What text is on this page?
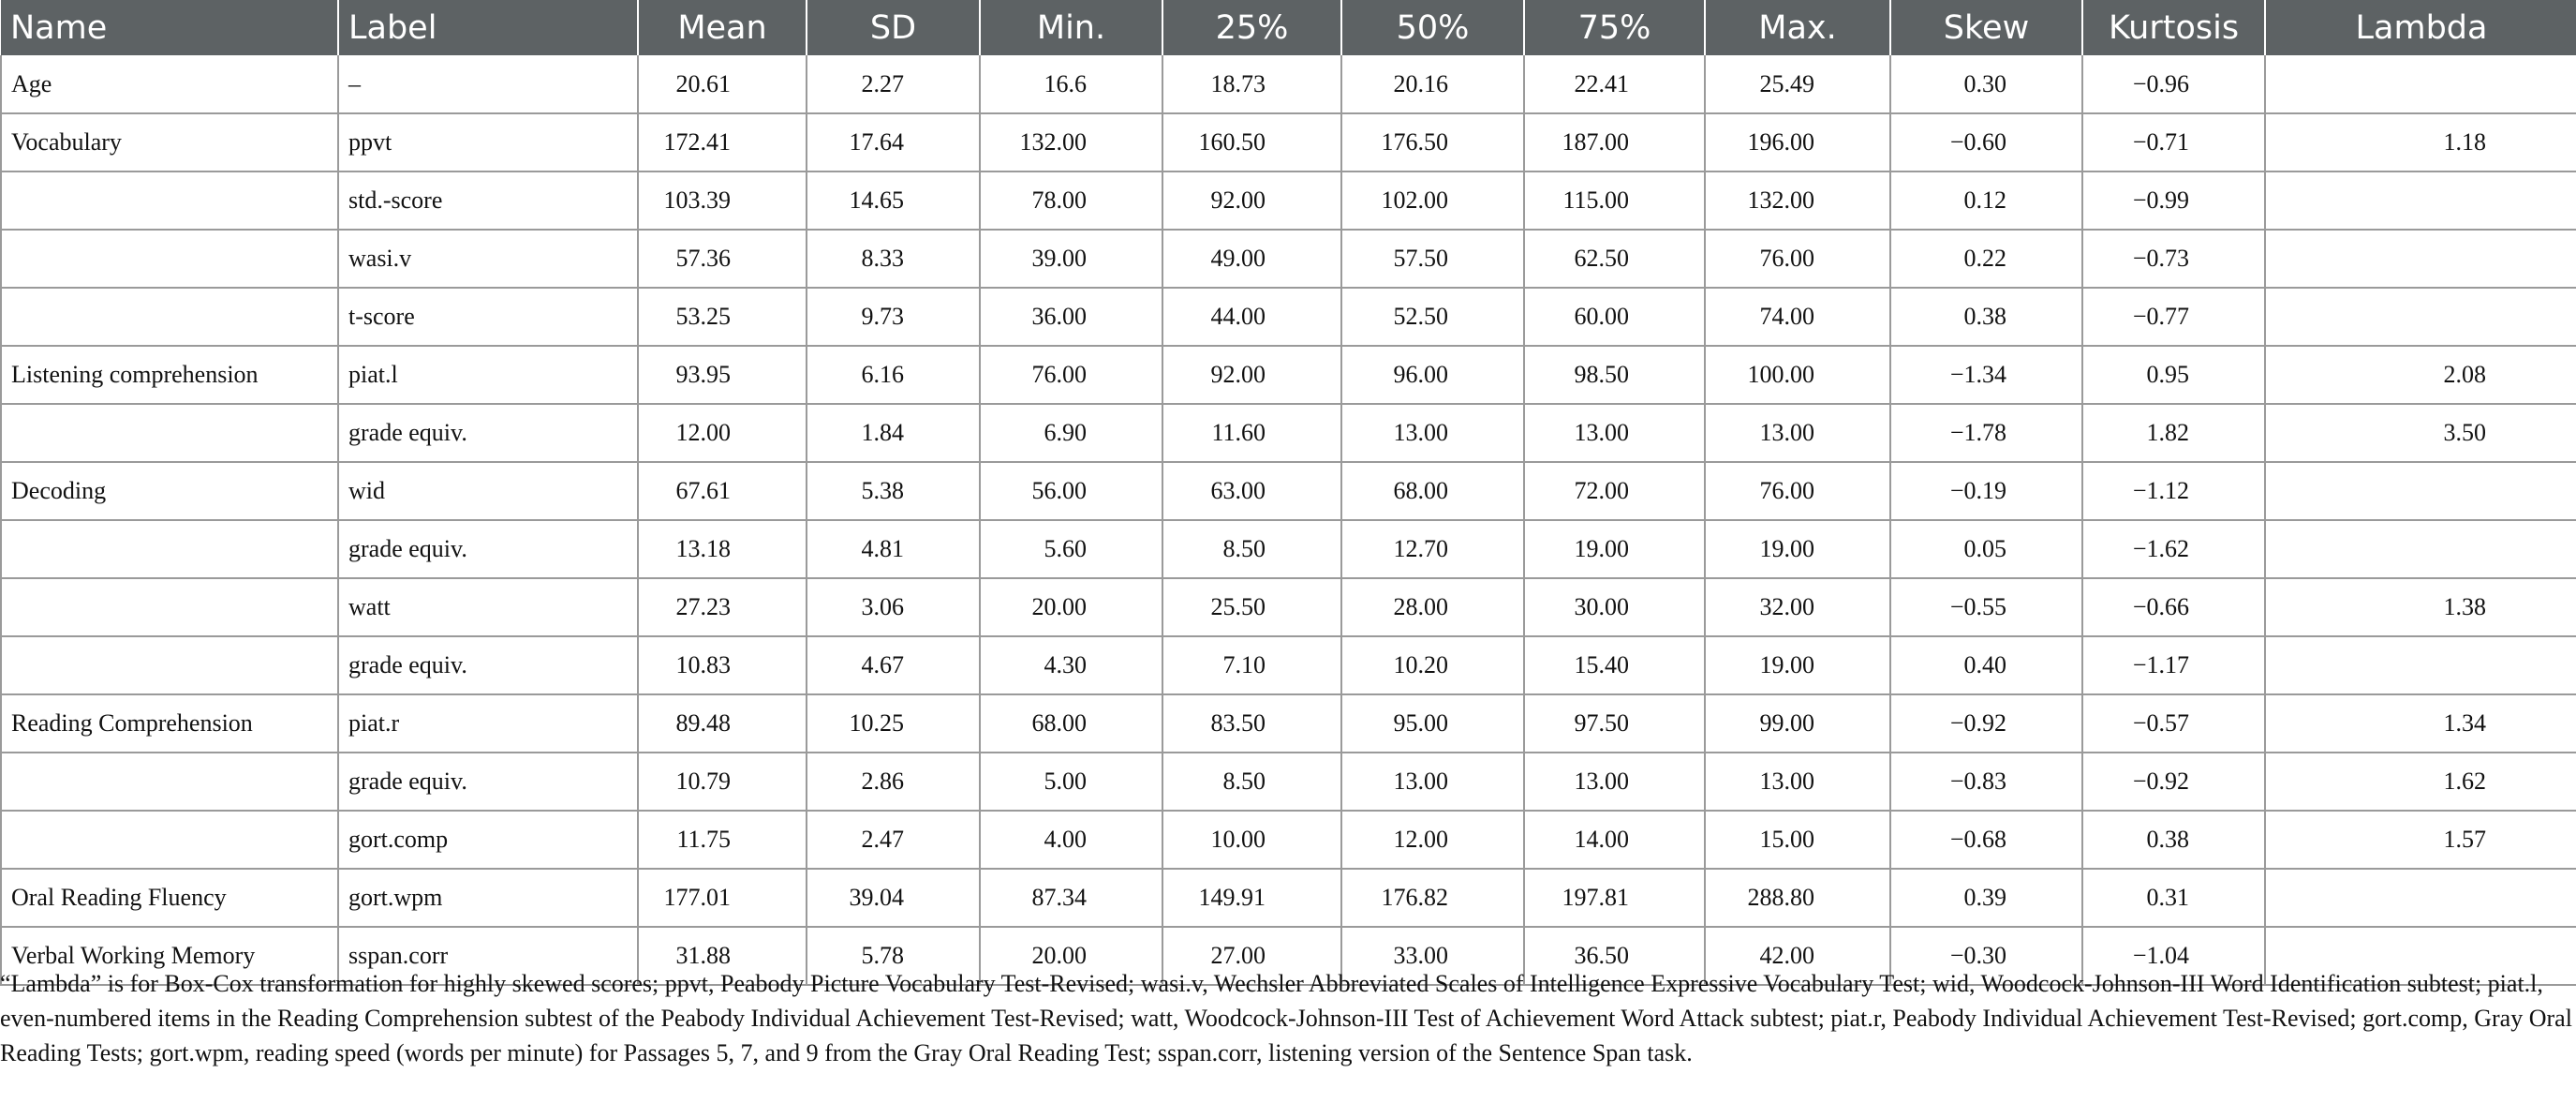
Name	Label	Mean	SD	Min.	25%	50%	75%	Max.	Skew	Kurtosis	Lambda
Age	–	20.61	2.27	16.6	18.73	20.16	22.41	25.49	0.30	−0.96	
Vocabulary	ppvt	172.41	17.64	132.00	160.50	176.50	187.00	196.00	−0.60	−0.71	1.18
	std.-score	103.39	14.65	78.00	92.00	102.00	115.00	132.00	0.12	−0.99	
	wasi.v	57.36	8.33	39.00	49.00	57.50	62.50	76.00	0.22	−0.73	
	t-score	53.25	9.73	36.00	44.00	52.50	60.00	74.00	0.38	−0.77	
Listening comprehension	piat.l	93.95	6.16	76.00	92.00	96.00	98.50	100.00	−1.34	0.95	2.08
	grade equiv.	12.00	1.84	6.90	11.60	13.00	13.00	13.00	−1.78	1.82	3.50
Decoding	wid	67.61	5.38	56.00	63.00	68.00	72.00	76.00	−0.19	−1.12	
	grade equiv.	13.18	4.81	5.60	8.50	12.70	19.00	19.00	0.05	−1.62	
	watt	27.23	3.06	20.00	25.50	28.00	30.00	32.00	−0.55	−0.66	1.38
	grade equiv.	10.83	4.67	4.30	7.10	10.20	15.40	19.00	0.40	−1.17	
Reading Comprehension	piat.r	89.48	10.25	68.00	83.50	95.00	97.50	99.00	−0.92	−0.57	1.34
	grade equiv.	10.79	2.86	5.00	8.50	13.00	13.00	13.00	−0.83	−0.92	1.62
	gort.comp	11.75	2.47	4.00	10.00	12.00	14.00	15.00	−0.68	0.38	1.57
Oral Reading Fluency	gort.wpm	177.01	39.04	87.34	149.91	176.82	197.81	288.80	0.39	0.31	
Verbal Working Memory	sspan.corr	31.88	5.78	20.00	27.00	33.00	36.50	42.00	−0.30	−1.04	
“Lambda” is for Box-Cox transformation for highly skewed scores; ppvt, Peabody Picture Vocabulary Test-Revised; wasi.v, Wechsler Abbreviated Scales of Intelligence Expressive Vocabulary Test; wid, Woodcock-Johnson-III Word Identification subtest; piat.l, even-numbered items in the Reading Comprehension subtest of the Peabody Individual Achievement Test-Revised; watt, Woodcock-Johnson-III Test of Achievement Word Attack subtest; piat.r, Peabody Individual Achievement Test-Revised; gort.comp, Gray Oral Reading Tests; gort.wpm, reading speed (words per minute) for Passages 5, 7, and 9 from the Gray Oral Reading Test; sspan.corr, listening version of the Sentence Span task.
